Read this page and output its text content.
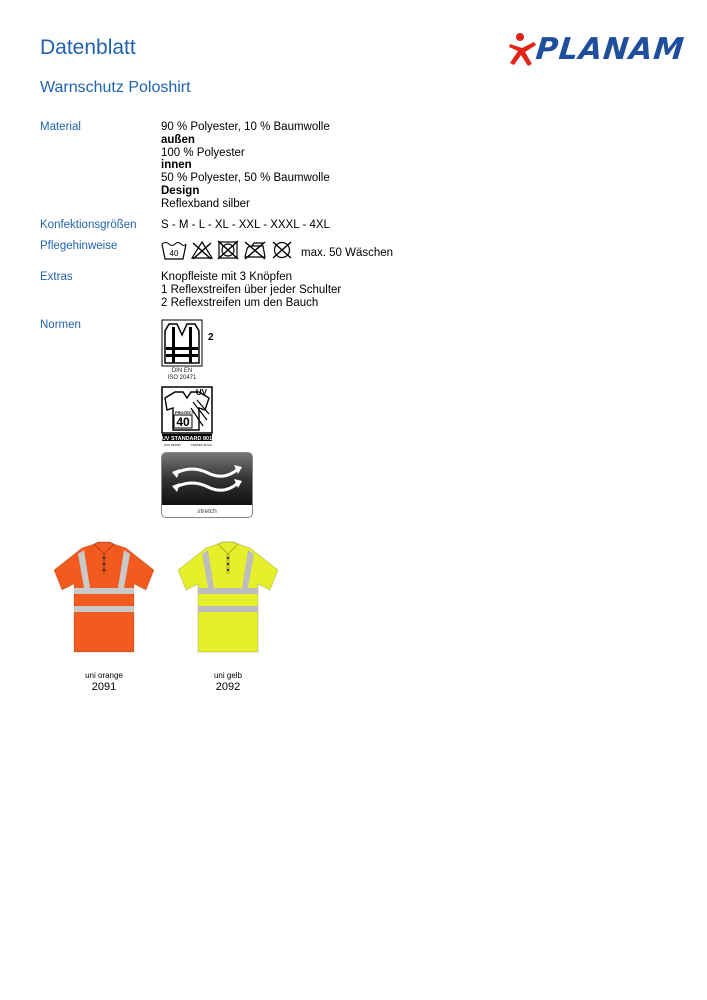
Datenblatt
Warnschutz Poloshirt
PLANAM
Material	90 % Polyester, 10 % Baumwolle
außen
100 % Polyester
innen
50 % Polyester, 50 % Baumwolle
Design
Reflexband silber
Konfektionsgrößen S - M - L - XL - XXL - XXXL - 4XL
Pflegehinweise
40	max. 50 Wäschen
Extras	Knopfleiste mit 3 Knöpfen
1 Reflexstreifen über jeder Schulter
2 Reflexstreifen um den Bauch
Normen
2
DIN EN
ISO 20471
UV
PROTECT
40
UV STANDARD 801
UVS 094397	TESTEX Zürich
stretch
uni orange
2091
uni gelb
2092
